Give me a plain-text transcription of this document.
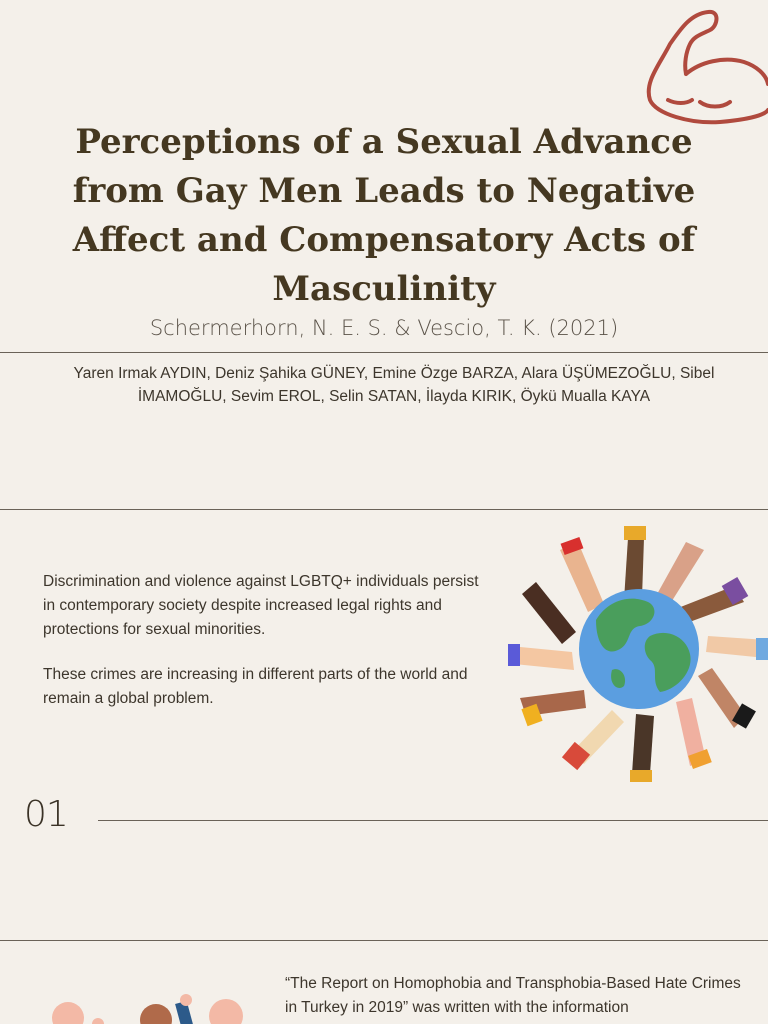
Perceptions of a Sexual Advance from Gay Men Leads to Negative Affect and Compensatory Acts of Masculinity
Schermerhorn, N. E. S. & Vescio, T. K. (2021)
Yaren Irmak AYDIN, Deniz Şahika GÜNEY, Emine Özge BARZA, Alara ÜŞÜMEZOĞLU, Sibel İMAMOĞLU, Sevim EROL, Selin SATAN, İlayda KIRIK, Öykü Mualla KAYA

Discrimination and violence against LGBTQ+ individuals persist in contemporary society despite increased legal rights and protections for sexual minorities.

These crimes are increasing in different parts of the world and remain a global problem.

01

“The Report on Homophobia and Transphobia-Based Hate Crimes in Turkey in 2019” was written with the information
